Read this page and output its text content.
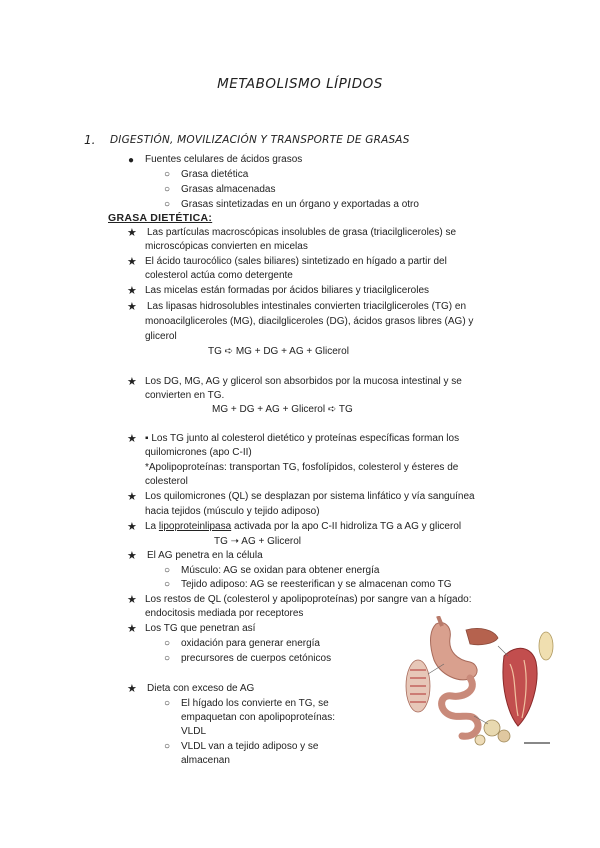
METABOLISMO LÍPIDOS
1. DIGESTIÓN, MOVILIZACIÓN Y TRANSPORTE DE GRASAS
● Fuentes celulares de ácidos grasos
○ Grasa dietética
○ Grasas almacenadas
○ Grasas sintetizadas en un órgano y exportadas a otro
GRASA DIETÉTICA:
★ Las partículas macroscópicas insolubles de grasa (triacilgliceroles) se
microscópicas convierten en micelas
★ El ácido taurocólico (sales biliares) sintetizado en hígado a partir del
colesterol actúa como detergente
★ Las micelas están formadas por ácidos biliares y triacilgliceroles
★ Las lipasas hidrosolubles intestinales convierten triacilgliceroles (TG) en
monoacilgliceroles (MG), diacilgliceroles (DG), ácidos grasos libres (AG) y
glicerol
TG ➪ MG + DG + AG + Glicerol
★ Los DG, MG, AG y glicerol son absorbidos por la mucosa intestinal y se
convierten en TG.
MG + DG + AG + Glicerol ➪ TG
★ ▪ Los TG junto al colesterol dietético y proteínas específicas forman los
quilomicrones (apo C-II)
*Apolipoproteínas: transportan TG, fosfolípidos, colesterol y ésteres de
colesterol
★ Los quilomicrones (QL) se desplazan por sistema linfático y vía sanguínea
hacia tejidos (músculo y tejido adiposo)
★ La lipoproteinlipasa activada por la apo C-II hidroliza TG a AG y glicerol
TG ➝ AG + Glicerol
★ El AG penetra en la célula
○ Músculo: AG se oxidan para obtener energía
○ Tejido adiposo: AG se reesterifican y se almacenan como TG
★ Los restos de QL (colesterol y apolipoproteínas) por sangre van a hígado:
endocitosis mediada por receptores
★ Los TG que penetran así
○ oxidación para generar energía
○ precursores de cuerpos cetónicos
★ Dieta con exceso de AG
○ El hígado los convierte en TG, se
empaquetan con apolipoproteínas:
VLDL
○ VLDL van a tejido adiposo y se
almacenan
